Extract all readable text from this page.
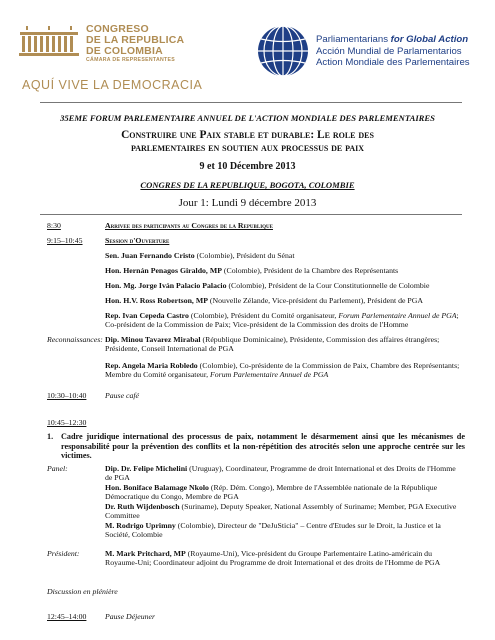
CONGRESO
DE LA REPUBLICA
DE COLOMBIA
CÁMARA DE REPRESENTANTES
AQUÍ VIVE LA DEMOCRACIA
Parliamentarians for Global Action
Acción Mundial de Parlamentarios
Action Mondiale des Parlementaires
35EME FORUM PARLEMENTAIRE ANNUEL DE L'ACTION MONDIALE DES PARLEMENTAIRES
Construire une Paix stable et durable: Le role des
parlementaires en soutien aux processus de paix
9 et 10 Décembre 2013
CONGRES DE LA REPUBLIQUE, BOGOTA, COLOMBIE
Jour 1: Lundi 9 décembre 2013
8:30	Arrivee des participants au Congres de la Republique
9:15–10:45	Session d'Ouverture
Sen. Juan Fernando Cristo (Colombie), Président du Sénat
Hon. Hernán Penagos Giraldo, MP (Colombie), Président de la Chambre des Représentants
Hon. Mg. Jorge Iván Palacio Palacio (Colombie), Président de la Cour Constitutionnelle de Colombie
Hon. H.V. Ross Robertson, MP (Nouvelle Zélande, Vice-président du Parlement), Président de PGA
Rep. Ivan Cepeda Castro (Colombie), Président du Comité organisateur, Forum Parlementaire Annuel de PGA; Co-président de la Commission de Paix; Vice-président de la Commission des droits de l'Homme
Reconnaissances: Dip. Minou Tavarez Mirabal (République Dominicaine), Présidente, Commission des affaires étrangères; Présidente, Conseil International de PGA
Rep. Angela Maria Robledo (Colombie), Co-présidente de la Commission de Paix, Chambre des Représentants; Membre du Comité organisateur, Forum Parlementaire Annuel de PGA
10:30–10:40 Pause café
10:45–12:30
1. Cadre juridique international des processus de paix, notamment le désarmement ainsi que les mécanismes de responsabilité pour la prévention des conflits et la non-répétition des atrocités selon une approche centrée sur les victimes.
Panel:	Dip. Dr. Felipe Michelini (Uruguay), Coordinateur, Programme de droit International et des Droits de l'Homme de PGA
Hon. Boniface Balamage Nkolo (Rép. Dém. Congo), Membre de l'Assemblée nationale de la République Démocratique du Congo, Membre de PGA
Dr. Ruth Wijdenbosch (Suriname), Deputy Speaker, National Assembly of Suriname; Member, PGA Executive Committee
M. Rodrigo Uprimny (Colombie), Directeur de "DeJuSticia" – Centre d'Etudes sur le Droit, la Justice et la Société, Colombie
Président:	M. Mark Pritchard, MP (Royaume-Uni), Vice-président du Groupe Parlementaire Latino-américain du Royaume-Uni; Coordinateur adjoint du Programme de droit International et des droits de l'Homme de PGA
Discussion en plénière
12:45–14:00 Pause Déjeuner
